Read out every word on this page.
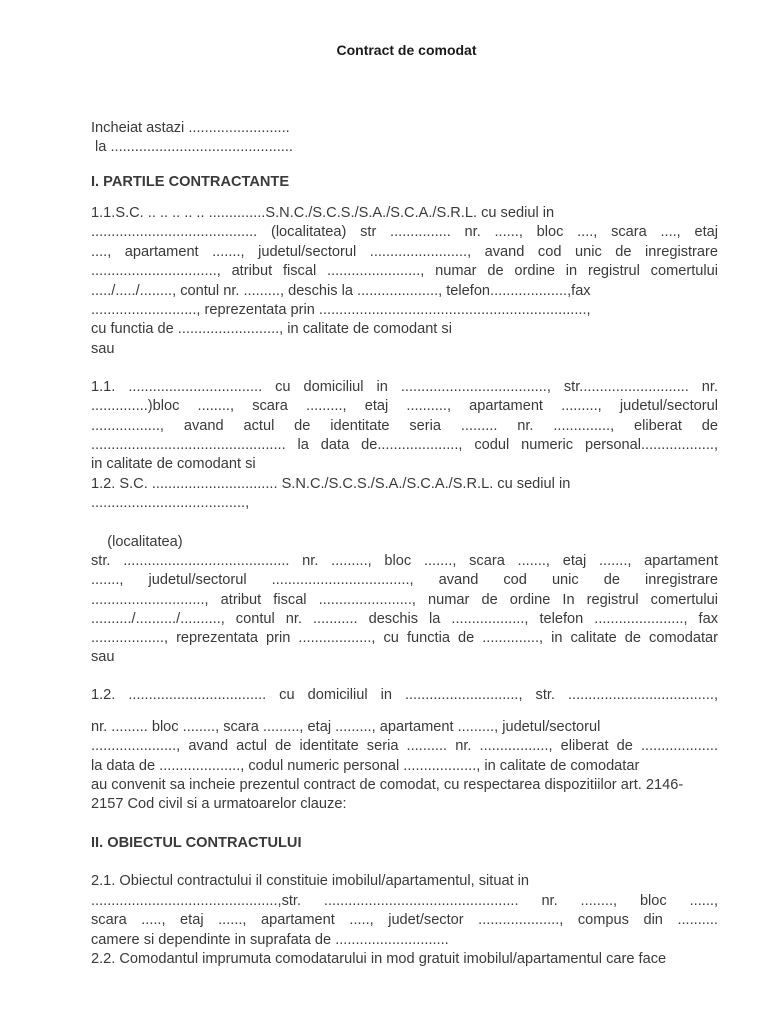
Contract de comodat
Incheiat astazi .........................
la .............................................
I. PARTILE CONTRACTANTE
1.1.S.C. .. .. .. .. .. ..............S.N.C./S.C.S./S.A./S.C.A./S.R.L. cu sediul in
......................................... (localitatea) str ............... nr. ......, bloc ...., scara ...., etaj
...., apartament ......., judetul/sectorul ........................, avand cod unic de inregistrare
..............................., atribut fiscal ......................., numar de ordine in registrul comertului
...../...../........, contul nr. ........., deschis la ...................., telefon...................,fax
.........................., reprezentata prin ..................................................................,
cu functia de ........................., in calitate de comodant si
sau
1.1. ................................. cu domiciliul in ...................................., str........................... nr.
..............)bloc ........, scara ........., etaj .........., apartament ........., judetul/sectorul
................., avand actul de identitate seria ......... nr. .............., eliberat de
................................................ la data de...................., codul numeric personal..................,
in calitate de comodant si
1.2. S.C. ............................... S.N.C./S.C.S./S.A./S.C.A./S.R.L. cu sediul in
......................................,
(localitatea)
str. ......................................... nr. ........., bloc ......., scara ......., etaj ......., apartament
......., judetul/sectorul .................................., avand cod unic de inregistrare
............................, atribut fiscal ......................., numar de ordine In registrul comertului
........../........../.........., contul nr. ........... deschis la .................., telefon ......................, fax
.................., reprezentata prin .................., cu functia de .............., in calitate de comodatar
sau
1.2. .................................. cu domiciliul in ............................, str. ....................................,
nr. ......... bloc ........, scara ........., etaj ........., apartament ........., judetul/sectorul
....................., avand actul de identitate seria .......... nr. ................., eliberat de ...................
la data de ...................., codul numeric personal .................., in calitate de comodatar
au convenit sa incheie prezentul contract de comodat, cu respectarea dispozitiilor art. 2146-
2157 Cod civil si a urmatoarelor clauze:
II. OBIECTUL CONTRACTULUI
2.1. Obiectul contractului il constituie imobilul/apartamentul, situat in
..............................................,str. ................................................ nr. ........, bloc ......,
scara ....., etaj ......, apartament ....., judet/sector ...................., compus din ..........
camere si dependinte in suprafata de ............................
2.2. Comodantul imprumuta comodatarului in mod gratuit imobilul/apartamentul care face
